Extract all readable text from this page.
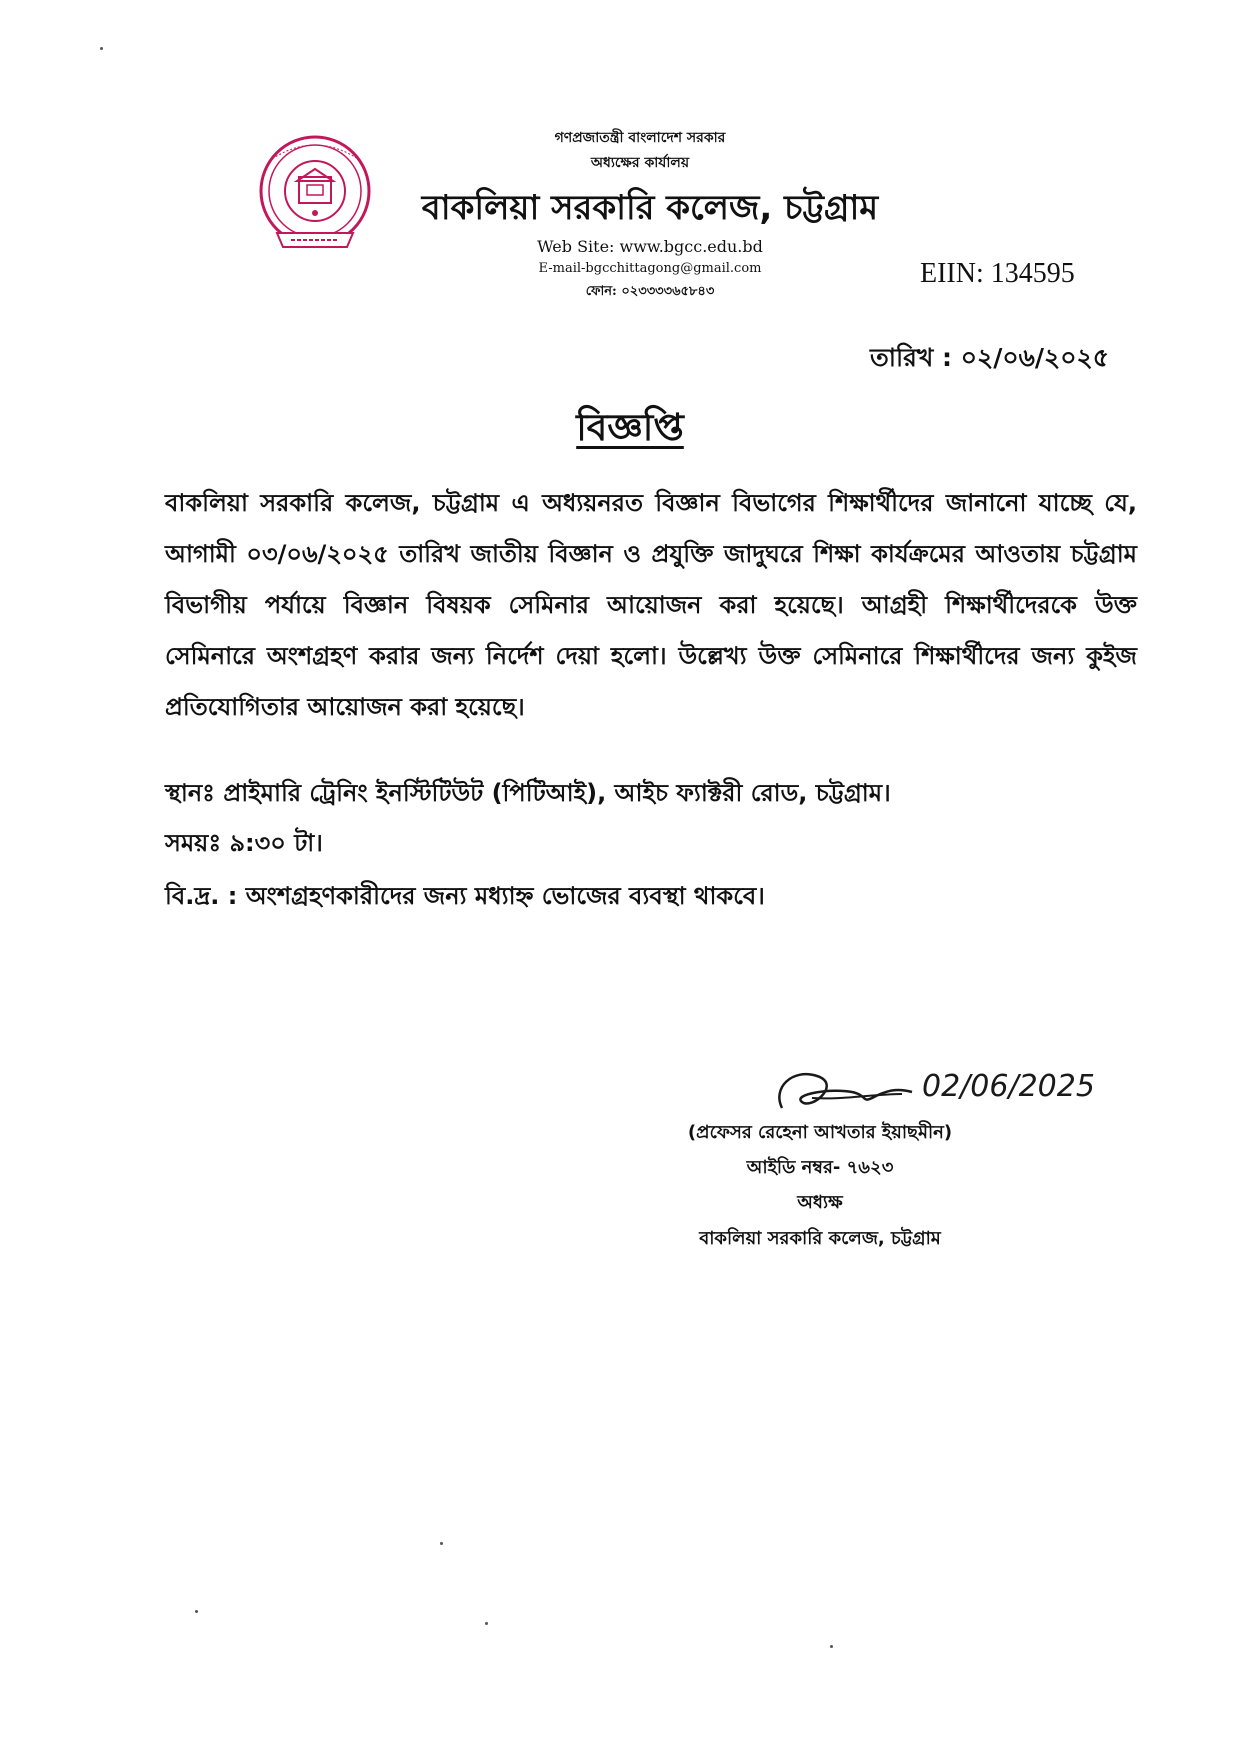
গণপ্রজাতন্ত্রী বাংলাদেশ সরকার
অধ্যক্ষের কার্যালয়
বাকলিয়া সরকারি কলেজ, চট্টগ্রাম
Web Site: www.bgcc.edu.bd
E-mail-bgcchittagong@gmail.com
ফোন: ০২৩৩৩৩৬৫৮৪৩
EIIN: 134595
তারিখ : ০২/০৬/২০২৫
বিজ্ঞপ্তি

বাকলিয়া সরকারি কলেজ, চট্টগ্রাম এ অধ্যয়নরত বিজ্ঞান বিভাগের শিক্ষার্থীদের জানানো যাচ্ছে যে, আগামী ০৩/০৬/২০২৫ তারিখ জাতীয় বিজ্ঞান ও প্রযুক্তি জাদুঘরে শিক্ষা কার্যক্রমের আওতায় চট্টগ্রাম বিভাগীয় পর্যায়ে বিজ্ঞান বিষয়ক সেমিনার আয়োজন করা হয়েছে। আগ্রহী শিক্ষার্থীদেরকে উক্ত সেমিনারে অংশগ্রহণ করার জন্য নির্দেশ দেয়া হলো। উল্লেখ্য উক্ত সেমিনারে শিক্ষার্থীদের জন্য কুইজ প্রতিযোগিতার আয়োজন করা হয়েছে।

স্থানঃ প্রাইমারি ট্রেনিং ইনস্টিটিউট (পিটিআই), আইচ ফ্যাক্টরী রোড, চট্টগ্রাম।
সময়ঃ ৯:৩০ টা।
বি.দ্র. : অংশগ্রহণকারীদের জন্য মধ্যাহ্ন ভোজের ব্যবস্থা থাকবে।
02/06/2025
(প্রফেসর রেহেনা আখতার ইয়াছমীন)
আইডি নম্বর- ৭৬২৩
অধ্যক্ষ
বাকলিয়া সরকারি কলেজ, চট্টগ্রাম
